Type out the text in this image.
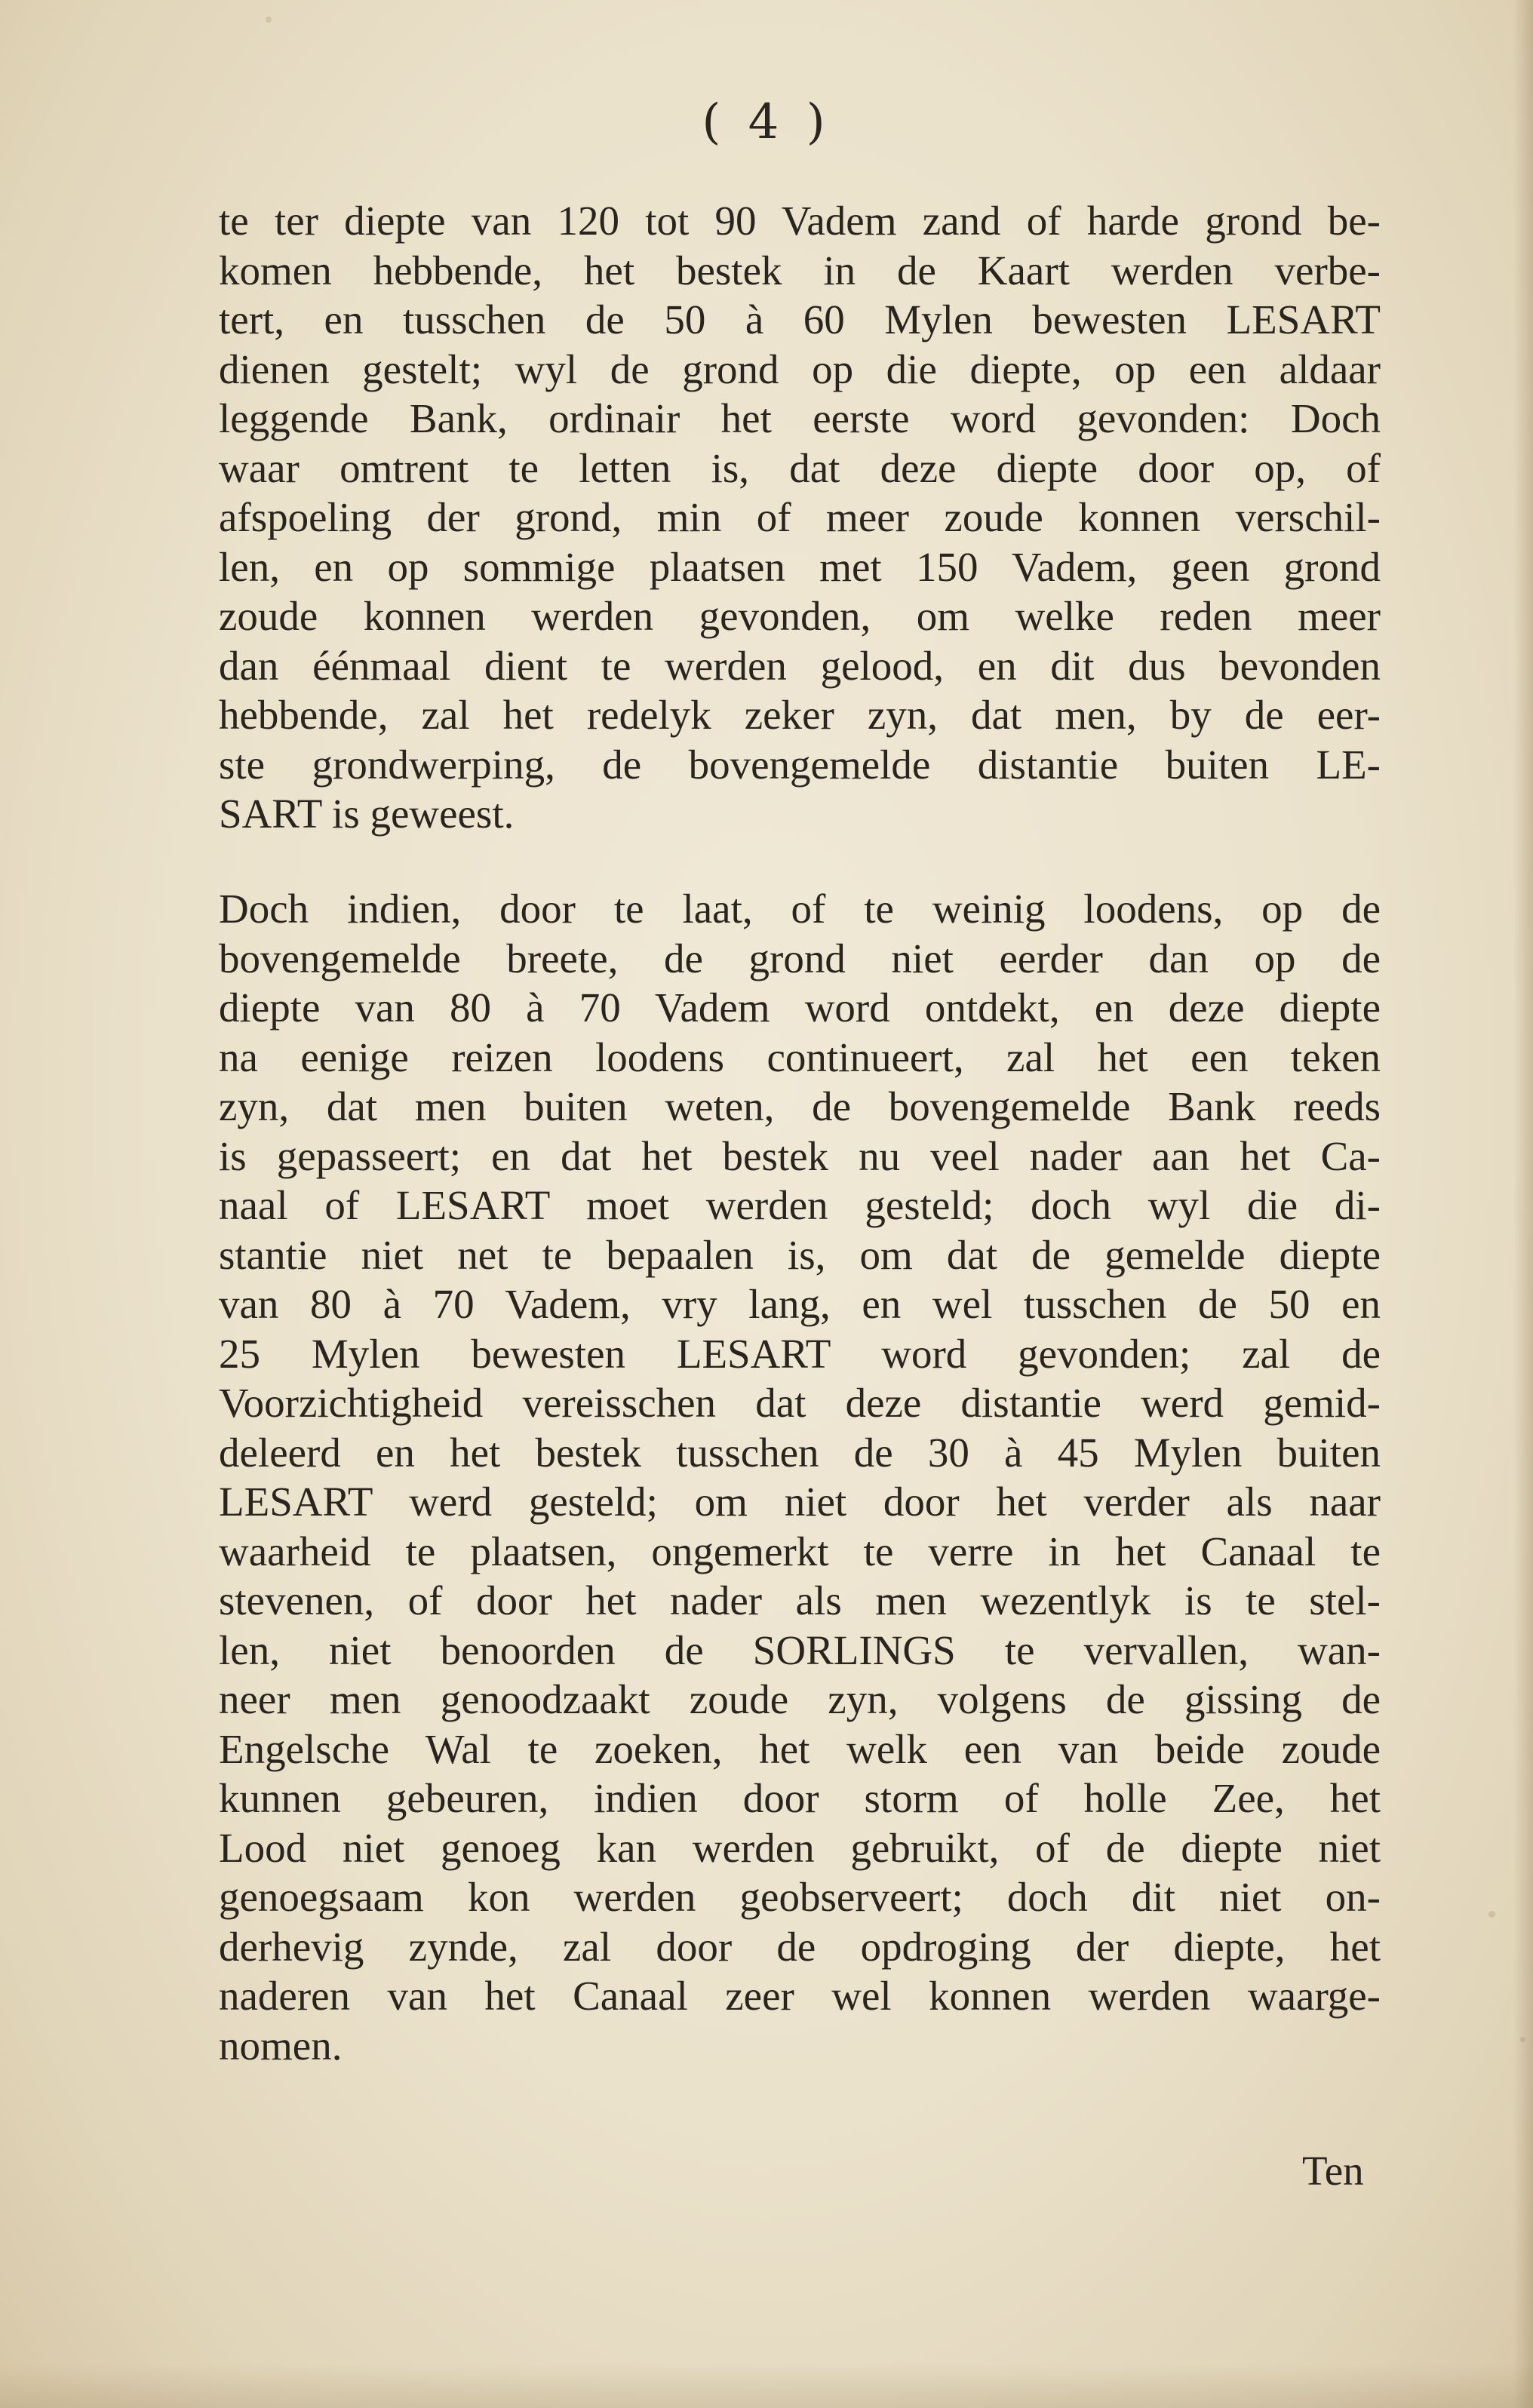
( 4 )
te ter diepte van 120 tot 90 Vadem zand of harde grond be-
komen hebbende, het bestek in de Kaart werden verbe-
tert, en tusschen de 50 à 60 Mylen bewesten LESART
dienen gestelt; wyl de grond op die diepte, op een aldaar
leggende Bank, ordinair het eerste word gevonden: Doch
waar omtrent te letten is, dat deze diepte door op, of
afspoeling der grond, min of meer zoude konnen verschil-
len, en op sommige plaatsen met 150 Vadem, geen grond
zoude konnen werden gevonden, om welke reden meer
dan éénmaal dient te werden gelood, en dit dus bevonden
hebbende, zal het redelyk zeker zyn, dat men, by de eer-
ste grondwerping, de bovengemelde distantie buiten LE-
SART is geweest.
Doch indien, door te laat, of te weinig loodens, op de
bovengemelde breete, de grond niet eerder dan op de
diepte van 80 à 70 Vadem word ontdekt, en deze diepte
na eenige reizen loodens continueert, zal het een teken
zyn, dat men buiten weten, de bovengemelde Bank reeds
is gepasseert; en dat het bestek nu veel nader aan het Ca-
naal of LESART moet werden gesteld; doch wyl die di-
stantie niet net te bepaalen is, om dat de gemelde diepte
van 80 à 70 Vadem, vry lang, en wel tusschen de 50 en
25 Mylen bewesten LESART word gevonden; zal de
Voorzichtigheid vereisschen dat deze distantie werd gemid-
deleerd en het bestek tusschen de 30 à 45 Mylen buiten
LESART werd gesteld; om niet door het verder als naar
waarheid te plaatsen, ongemerkt te verre in het Canaal te
stevenen, of door het nader als men wezentlyk is te stel-
len, niet benoorden de SORLINGS te vervallen, wan-
neer men genoodzaakt zoude zyn, volgens de gissing de
Engelsche Wal te zoeken, het welk een van beide zoude
kunnen gebeuren, indien door storm of holle Zee, het
Lood niet genoeg kan werden gebruikt, of de diepte niet
genoegsaam kon werden geobserveert; doch dit niet on-
derhevig zynde, zal door de opdroging der diepte, het
naderen van het Canaal zeer wel konnen werden waarge-
nomen.
Ten
